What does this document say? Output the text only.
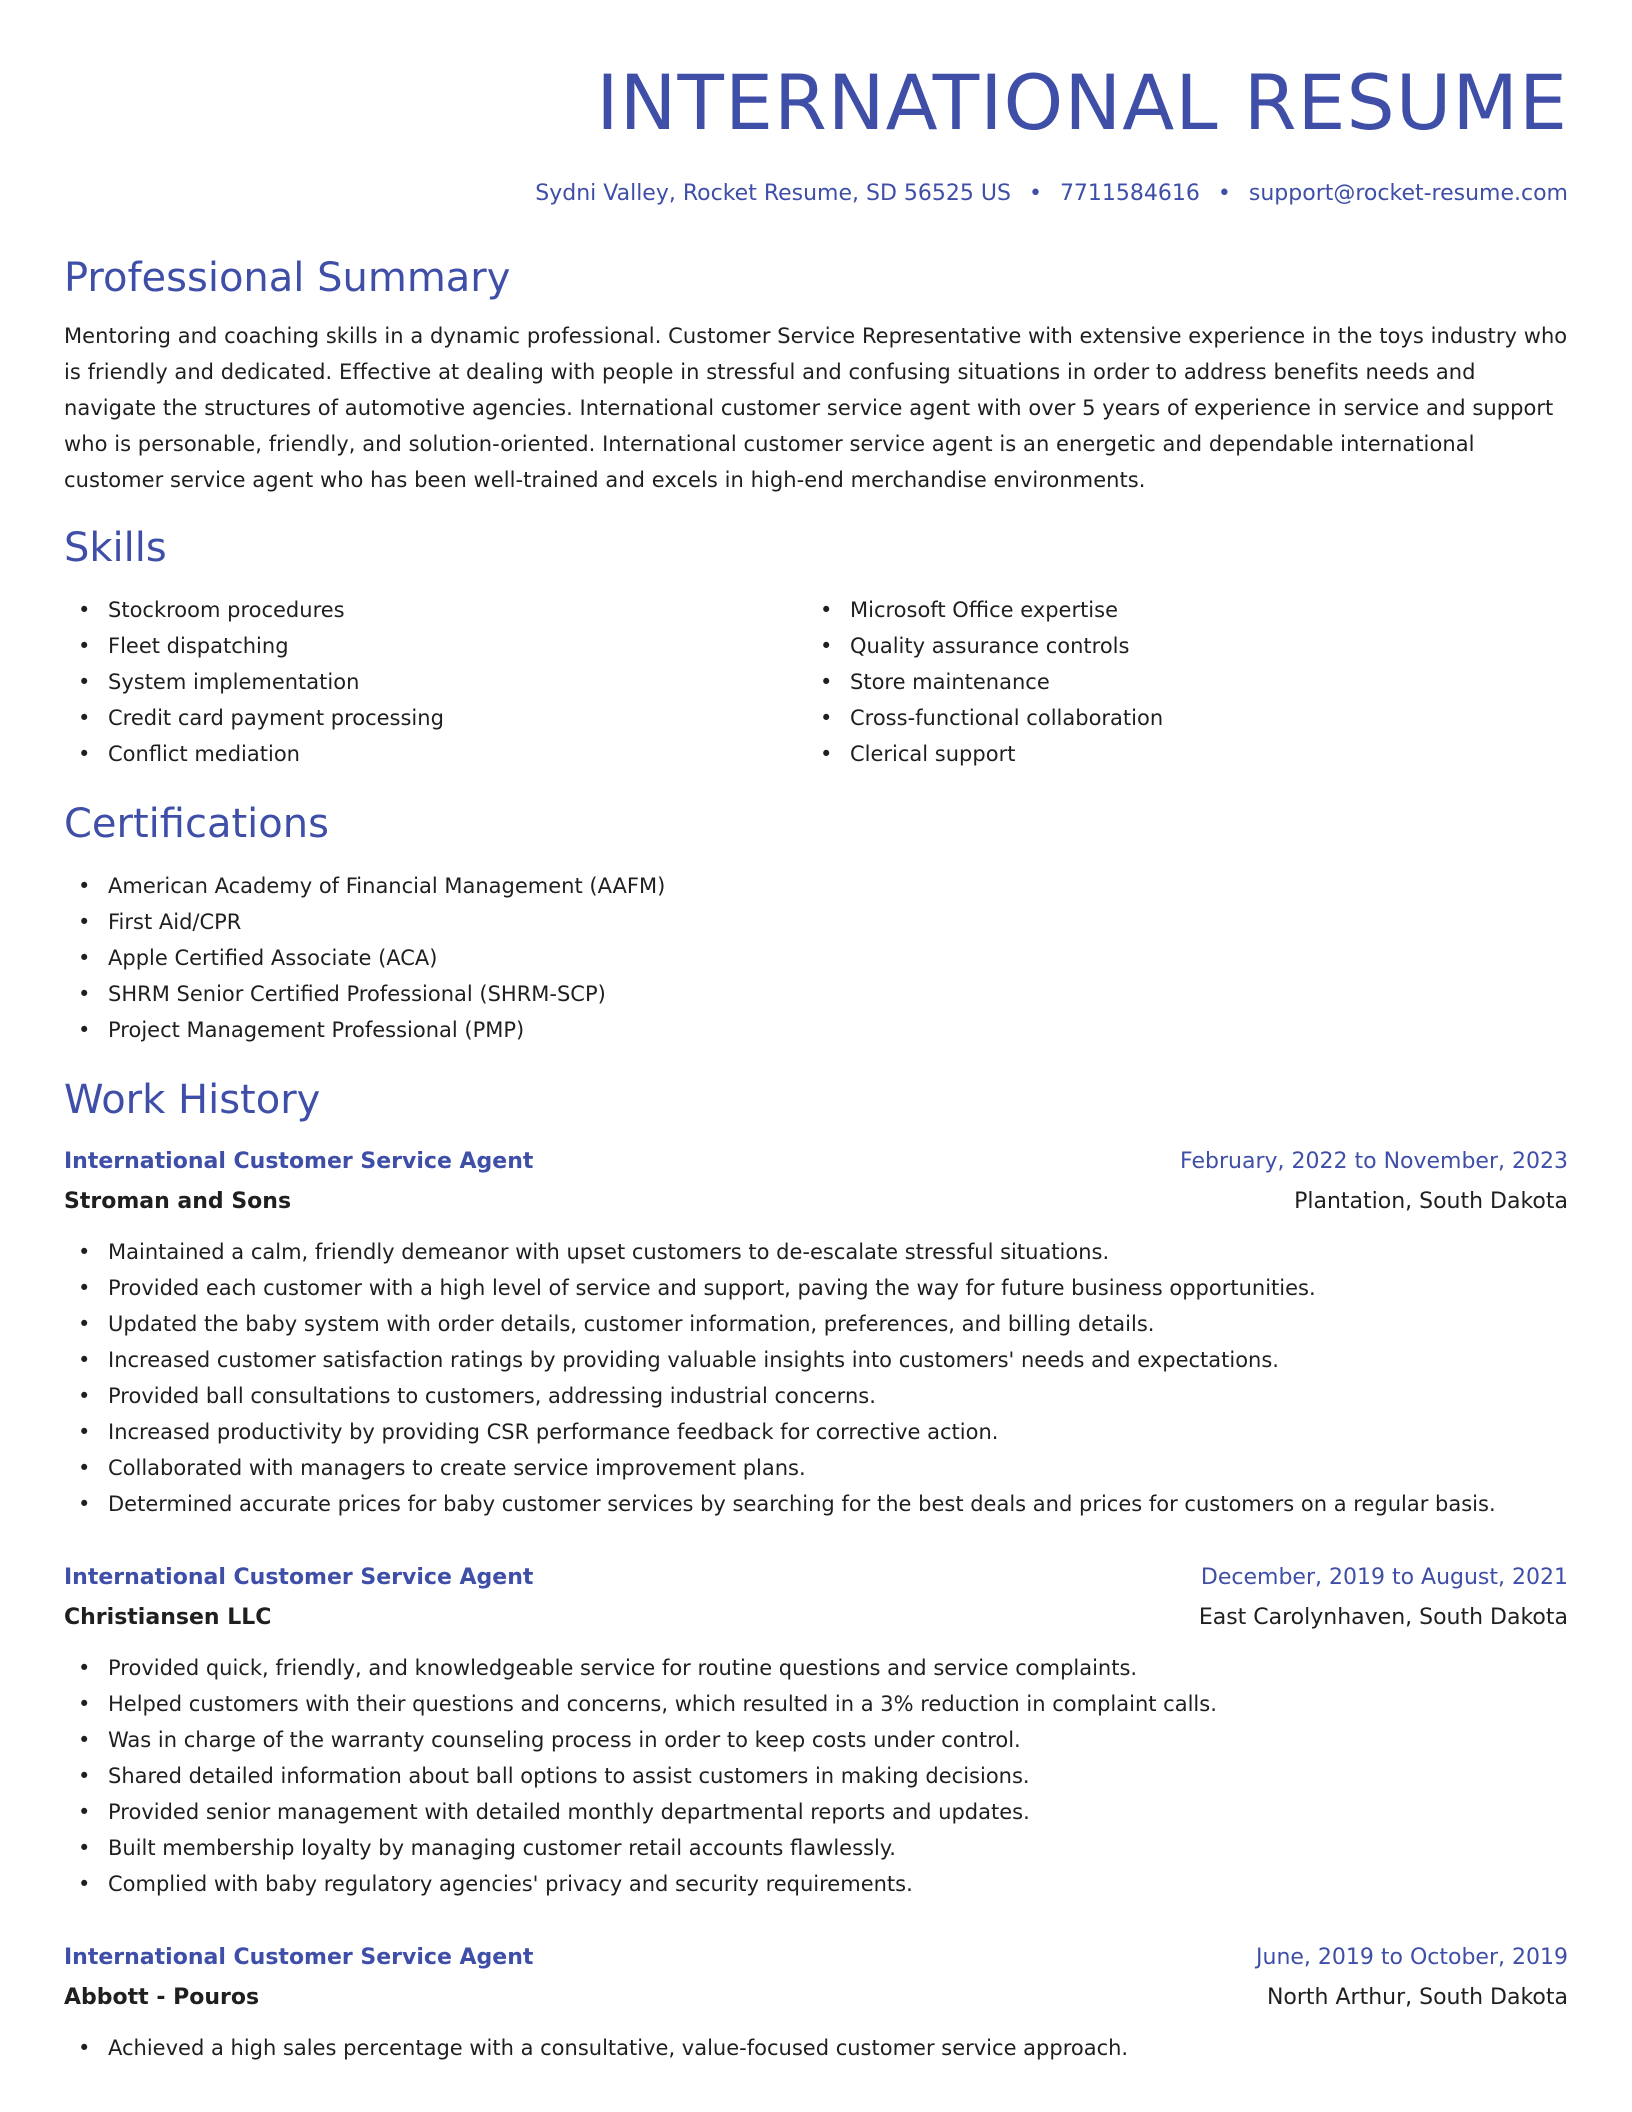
INTERNATIONAL RESUME
Sydni Valley, Rocket Resume, SD 56525 US • 7711584616 • support@rocket-resume.com
Professional Summary

Mentoring and coaching skills in a dynamic professional. Customer Service Representative with extensive experience in the toys industry who is friendly and dedicated. Effective at dealing with people in stressful and confusing situations in order to address benefits needs and navigate the structures of automotive agencies. International customer service agent with over 5 years of experience in service and support who is personable, friendly, and solution-oriented. International customer service agent is an energetic and dependable international customer service agent who has been well-trained and excels in high-end merchandise environments.

Skills
• Stockroom procedures
• Fleet dispatching
• System implementation
• Credit card payment processing
• Conflict mediation
• Microsoft Office expertise
• Quality assurance controls
• Store maintenance
• Cross-functional collaboration
• Clerical support
Certifications
• American Academy of Financial Management (AAFM)
• First Aid/CPR
• Apple Certified Associate (ACA)
• SHRM Senior Certified Professional (SHRM-SCP)
• Project Management Professional (PMP)
Work History
International Customer Service Agent	February, 2022 to November, 2023
Stroman and Sons	Plantation, South Dakota
• Maintained a calm, friendly demeanor with upset customers to de-escalate stressful situations.
• Provided each customer with a high level of service and support, paving the way for future business opportunities.
• Updated the baby system with order details, customer information, preferences, and billing details.
• Increased customer satisfaction ratings by providing valuable insights into customers' needs and expectations.
• Provided ball consultations to customers, addressing industrial concerns.
• Increased productivity by providing CSR performance feedback for corrective action.
• Collaborated with managers to create service improvement plans.
• Determined accurate prices for baby customer services by searching for the best deals and prices for customers on a regular basis.
International Customer Service Agent	December, 2019 to August, 2021
Christiansen LLC	East Carolynhaven, South Dakota
• Provided quick, friendly, and knowledgeable service for routine questions and service complaints.
• Helped customers with their questions and concerns, which resulted in a 3% reduction in complaint calls.
• Was in charge of the warranty counseling process in order to keep costs under control.
• Shared detailed information about ball options to assist customers in making decisions.
• Provided senior management with detailed monthly departmental reports and updates.
• Built membership loyalty by managing customer retail accounts flawlessly.
• Complied with baby regulatory agencies' privacy and security requirements.
International Customer Service Agent	June, 2019 to October, 2019
Abbott - Pouros	North Arthur, South Dakota
• Achieved a high sales percentage with a consultative, value-focused customer service approach.
